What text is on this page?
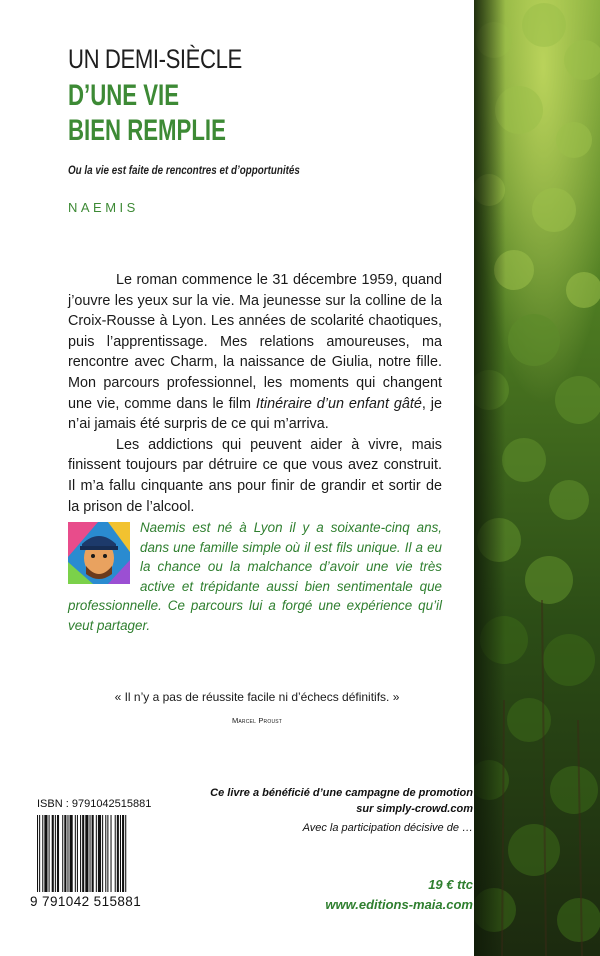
UN DEMI-SIÈCLE
D’UNE VIE
BIEN REMPLIE
Ou la vie est faite de rencontres et d’opportunités
NAEMIS

Le roman commence le 31 décembre 1959, quand j’ouvre les yeux sur la vie. Ma jeunesse sur la colline de la Croix-Rousse à Lyon. Les années de scolarité chaotiques, puis l’apprentissage. Mes relations amoureuses, ma rencontre avec Charm, la naissance de Giulia, notre fille. Mon parcours professionnel, les moments qui changent une vie, comme dans le film Itinéraire d’un enfant gâté, je n’ai jamais été surpris de ce qui m’arriva.

Les addictions qui peuvent aider à vivre, mais finissent toujours par détruire ce que vous avez construit. Il m’a fallu cinquante ans pour finir de grandir et sortir de la prison de l’alcool.

Naemis est né à Lyon il y a soixante-cinq ans, dans une famille simple où il est fils unique. Il a eu la chance ou la malchance d’avoir une vie très active et trépidante aussi bien sentimentale que professionnelle. Ce parcours lui a forgé une expérience qu’il veut partager.
« Il n’y a pas de réussite facile ni d’échecs définitifs. »
Marcel Proust
Ce livre a bénéficié d’une campagne de promotion
sur simply-crowd.com
Avec la participation décisive de …
ISBN : 9791042515881
9 791042 515881
19 € ttc
www.editions-maia.com
